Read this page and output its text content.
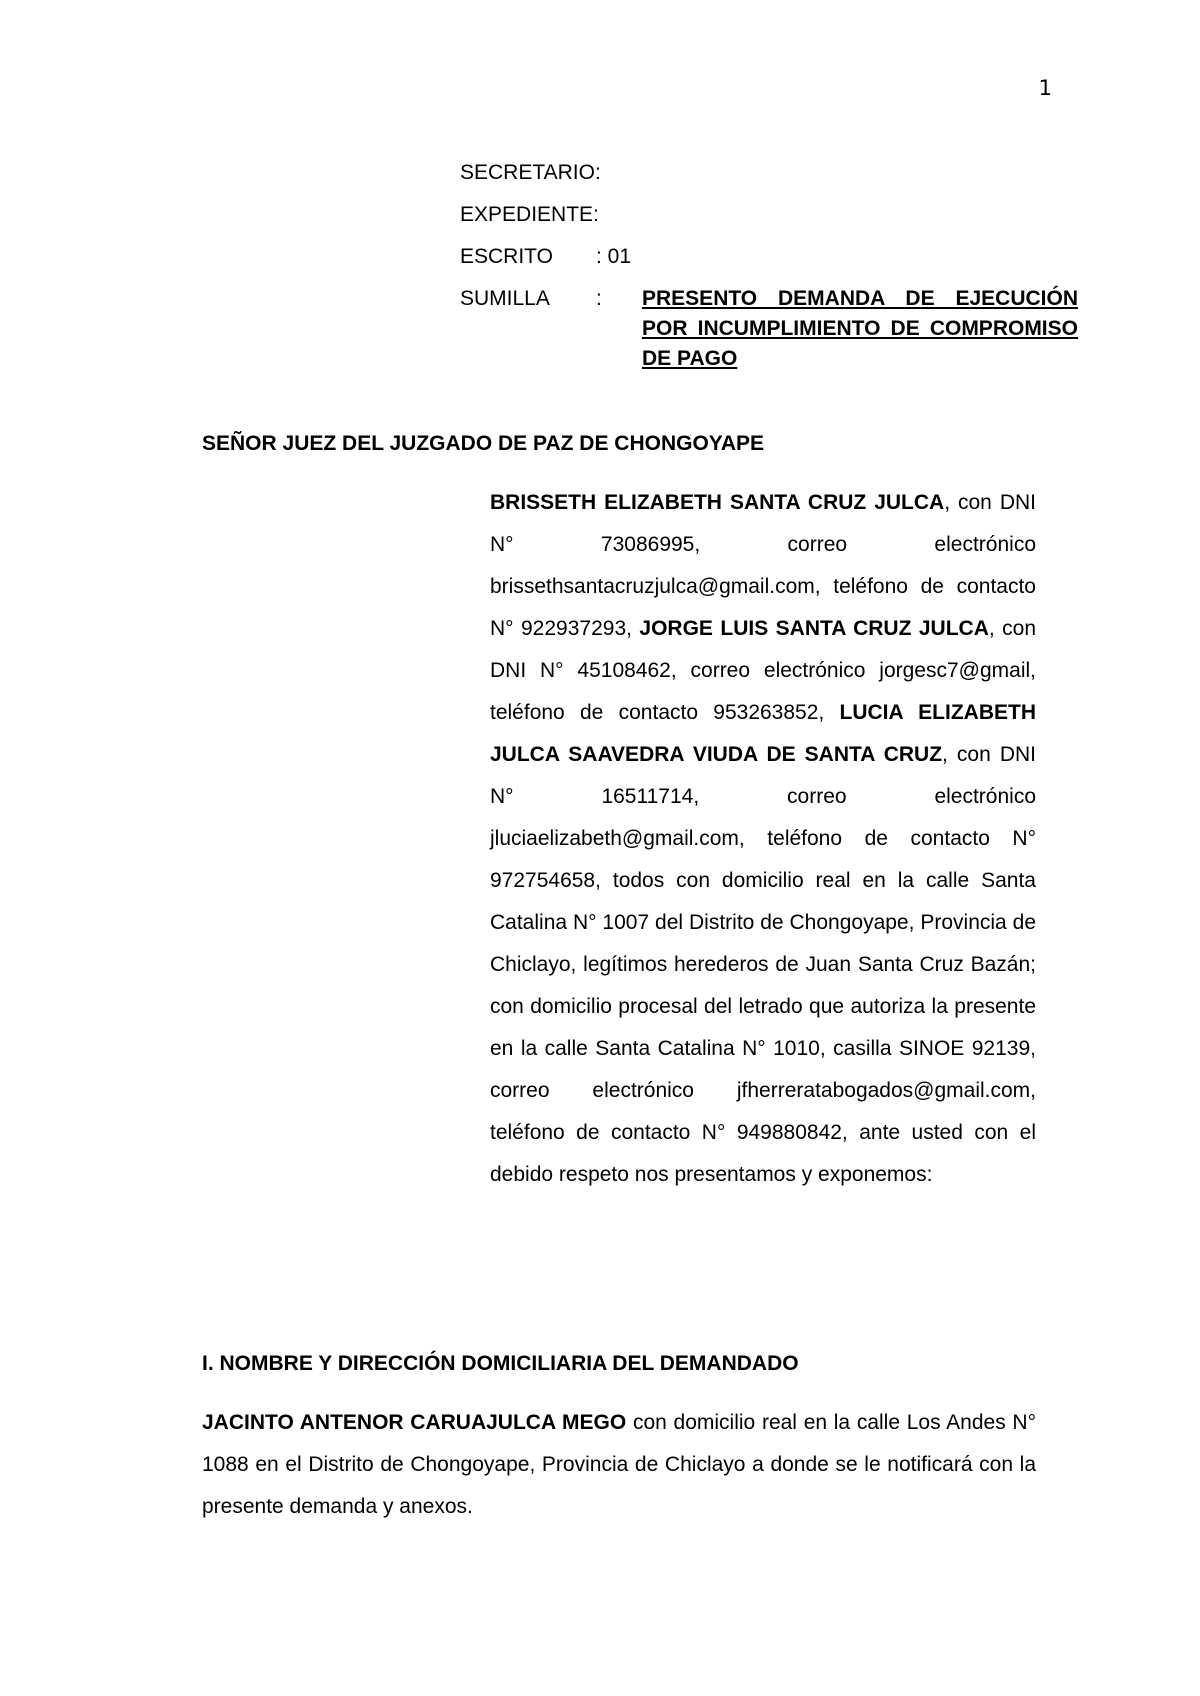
1
SECRETARIO:
EXPEDIENTE:
ESCRITO	: 01
SUMILLA	:	PRESENTO DEMANDA DE EJECUCIÓN POR INCUMPLIMIENTO DE COMPROMISO DE PAGO
SEÑOR JUEZ DEL JUZGADO DE PAZ DE CHONGOYAPE
BRISSETH ELIZABETH SANTA CRUZ JULCA, con DNI N° 73086995, correo electrónico brissethsantacruzjulca@gmail.com, teléfono de contacto N° 922937293, JORGE LUIS SANTA CRUZ JULCA, con DNI N° 45108462, correo electrónico jorgesc7@gmail, teléfono de contacto 953263852, LUCIA ELIZABETH JULCA SAAVEDRA VIUDA DE SANTA CRUZ, con DNI N° 16511714, correo electrónico jluciaelizabeth@gmail.com, teléfono de contacto N° 972754658, todos con domicilio real en la calle Santa Catalina N° 1007 del Distrito de Chongoyape, Provincia de Chiclayo, legítimos herederos de Juan Santa Cruz Bazán; con domicilio procesal del letrado que autoriza la presente en la calle Santa Catalina N° 1010, casilla SINOE 92139, correo electrónico jfherreratabogados@gmail.com, teléfono de contacto N° 949880842, ante usted con el debido respeto nos presentamos y exponemos:
I. NOMBRE Y DIRECCIÓN DOMICILIARIA DEL DEMANDADO
JACINTO ANTENOR CARUAJULCA MEGO con domicilio real en la calle Los Andes N° 1088 en el Distrito de Chongoyape, Provincia de Chiclayo a donde se le notificará con la presente demanda y anexos.
